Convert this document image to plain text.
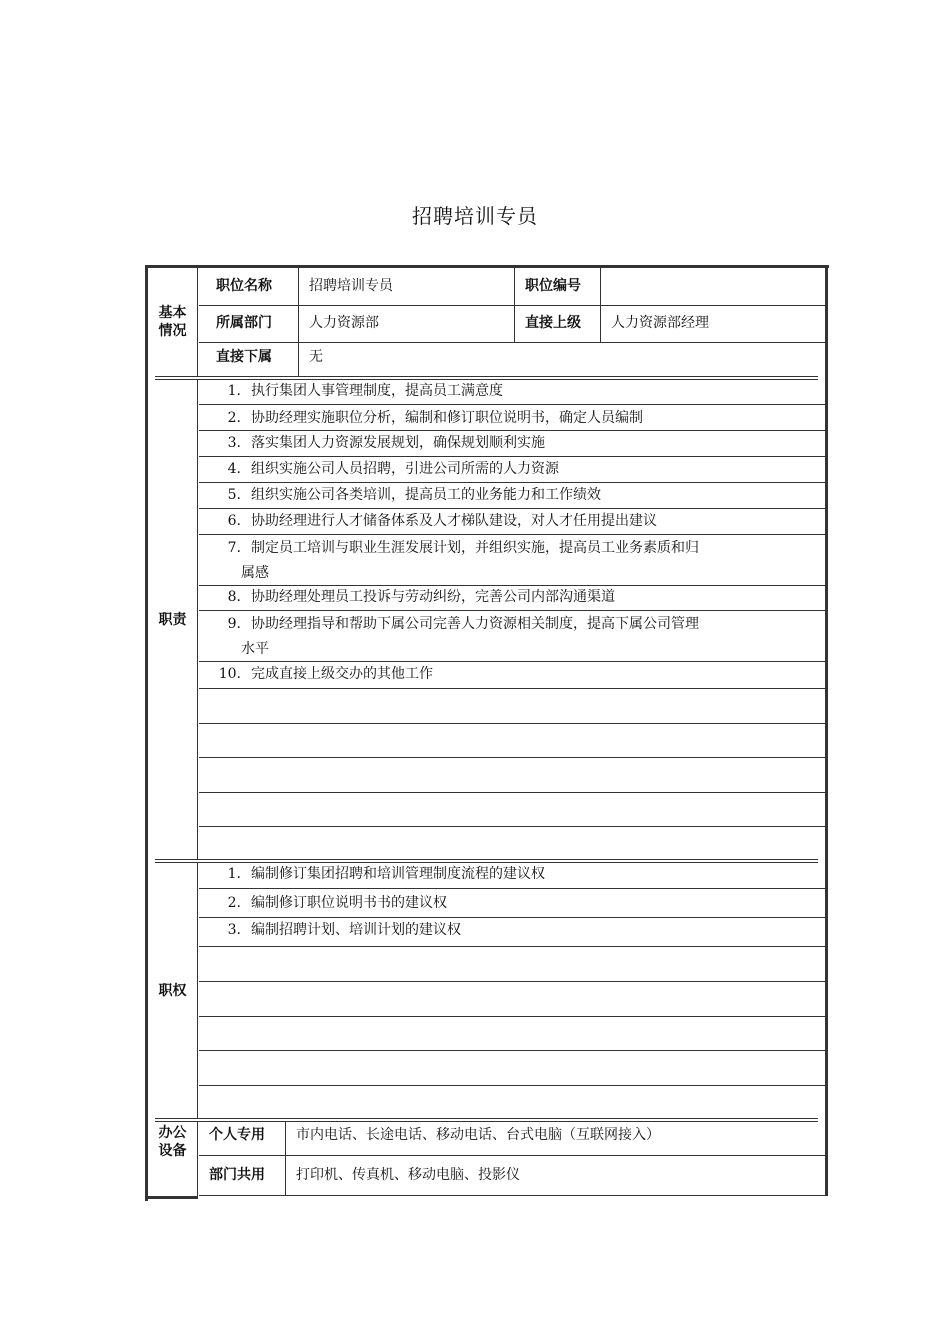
招聘培训专员
基本
情况
职位名称	招聘培训专员	职位编号
所属部门	人力资源部	直接上级	人力资源部经理
直接下属	无
职责
1. 执行集团人事管理制度，提高员工满意度
2. 协助经理实施职位分析，编制和修订职位说明书，确定人员编制
3. 落实集团人力资源发展规划，确保规划顺利实施
4. 组织实施公司人员招聘，引进公司所需的人力资源
5. 组织实施公司各类培训，提高员工的业务能力和工作绩效
6. 协助经理进行人才储备体系及人才梯队建设，对人才任用提出建议
7. 制定员工培训与职业生涯发展计划，并组织实施，提高员工业务素质和归
属感
8. 协助经理处理员工投诉与劳动纠纷，完善公司内部沟通渠道
9. 协助经理指导和帮助下属公司完善人力资源相关制度，提高下属公司管理
水平
10. 完成直接上级交办的其他工作
职权
1. 编制修订集团招聘和培训管理制度流程的建议权
2. 编制修订职位说明书书的建议权
3. 编制招聘计划、培训计划的建议权
办公
设备
个人专用	市内电话、长途电话、移动电话、台式电脑（互联网接入）
部门共用	打印机、传真机、移动电脑、投影仪
